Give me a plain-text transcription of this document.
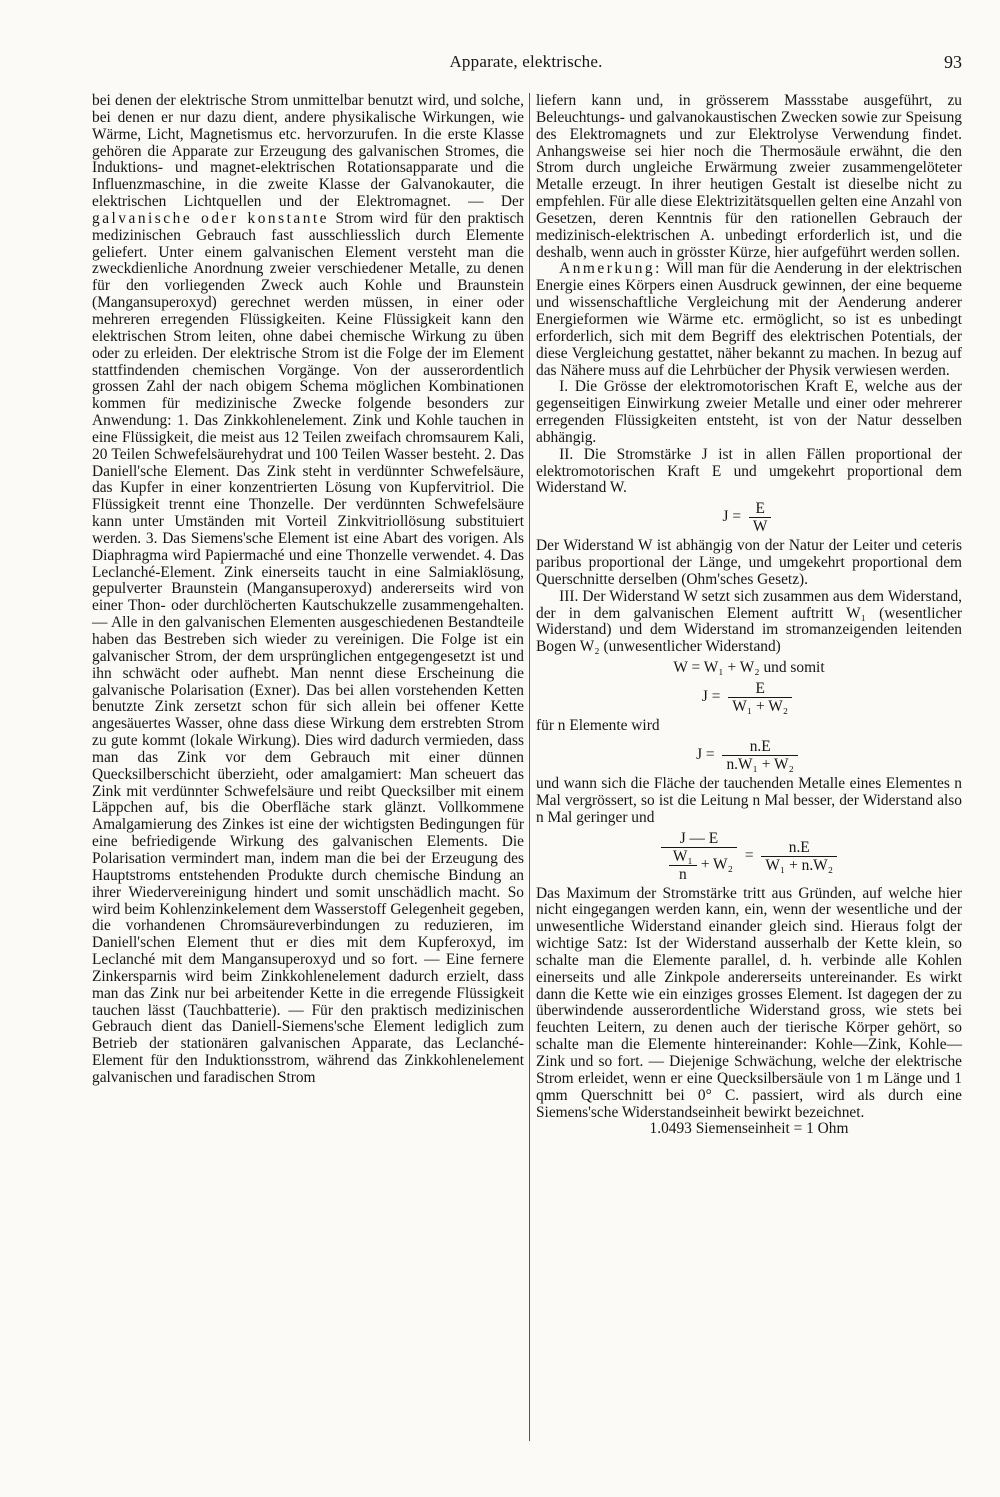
Apparate, elektrische.	93

bei denen der elektrische Strom unmittelbar benutzt wird, und solche, bei denen er nur dazu dient, andere physikalische Wirkungen, wie Wärme, Licht, Magnetismus etc. hervorzurufen. In die erste Klasse gehören die Apparate zur Erzeugung des galvanischen Stromes, die Induktions- und magnet-elektrischen Rotationsapparate und die Influenzmaschine, in die zweite Klasse der Galvanokauter, die elektrischen Lichtquellen und der Elektromagnet. — Der galvanische oder konstante Strom wird für den praktisch medizinischen Gebrauch fast ausschliesslich durch Elemente geliefert. Unter einem galvanischen Element versteht man die zweckdienliche Anordnung zweier verschiedener Metalle, zu denen für den vorliegenden Zweck auch Kohle und Braunstein (Mangansuperoxyd) gerechnet werden müssen, in einer oder mehreren erregenden Flüssigkeiten. Keine Flüssigkeit kann den elektrischen Strom leiten, ohne dabei chemische Wirkung zu üben oder zu erleiden. Der elektrische Strom ist die Folge der im Element stattfindenden chemischen Vorgänge. Von der ausserordentlich grossen Zahl der nach obigem Schema möglichen Kombinationen kommen für medizinische Zwecke folgende besonders zur Anwendung: 1. Das Zinkkohlenelement. Zink und Kohle tauchen in eine Flüssigkeit, die meist aus 12 Teilen zweifach chromsaurem Kali, 20 Teilen Schwefelsäurehydrat und 100 Teilen Wasser besteht. 2. Das Daniell'sche Element. Das Zink steht in verdünnter Schwefelsäure, das Kupfer in einer konzentrierten Lösung von Kupfervitriol. Die Flüssigkeit trennt eine Thonzelle. Der verdünnten Schwefelsäure kann unter Umständen mit Vorteil Zinkvitriollösung substituiert werden. 3. Das Siemens'sche Element ist eine Abart des vorigen. Als Diaphragma wird Papiermaché und eine Thonzelle verwendet. 4. Das Leclanché-Element. Zink einerseits taucht in eine Salmiaklösung, gepulverter Braunstein (Mangansuperoxyd) andererseits wird von einer Thon- oder durchlöcherten Kautschukzelle zusammengehalten. — Alle in den galvanischen Elementen ausgeschiedenen Bestandteile haben das Bestreben sich wieder zu vereinigen. Die Folge ist ein galvanischer Strom, der dem ursprünglichen entgegengesetzt ist und ihn schwächt oder aufhebt. Man nennt diese Erscheinung die galvanische Polarisation (Exner). Das bei allen vorstehenden Ketten benutzte Zink zersetzt schon für sich allein bei offener Kette angesäuertes Wasser, ohne dass diese Wirkung dem erstrebten Strom zu gute kommt (lokale Wirkung). Dies wird dadurch vermieden, dass man das Zink vor dem Gebrauch mit einer dünnen Quecksilberschicht überzieht, oder amalgamiert: Man scheuert das Zink mit verdünnter Schwefelsäure und reibt Quecksilber mit einem Läppchen auf, bis die Oberfläche stark glänzt. Vollkommene Amalgamierung des Zinkes ist eine der wichtigsten Bedingungen für eine befriedigende Wirkung des galvanischen Elements. Die Polarisation vermindert man, indem man die bei der Erzeugung des Hauptstroms entstehenden Produkte durch chemische Bindung an ihrer Wiedervereinigung hindert und somit unschädlich macht. So wird beim Kohlenzinkelement dem Wasserstoff Gelegenheit gegeben, die vorhandenen Chromsäureverbindungen zu reduzieren, im Daniell'schen Element thut er dies mit dem Kupferoxyd, im Leclanché mit dem Mangansuperoxyd und so fort. — Eine fernere Zinkersparnis wird beim Zinkkohlenelement dadurch erzielt, dass man das Zink nur bei arbeitender Kette in die erregende Flüssigkeit tauchen lässt (Tauchbatterie). — Für den praktisch medizinischen Gebrauch dient das Daniell-Siemens'sche Element lediglich zum Betrieb der stationären galvanischen Apparate, das Leclanché-Element für den Induktionsstrom, während das Zinkkohlenelement galvanischen und faradischen Strom

liefern kann und, in grösserem Massstabe ausgeführt, zu Beleuchtungs- und galvanokaustischen Zwecken sowie zur Speisung des Elektromagnets und zur Elektrolyse Verwendung findet. Anhangsweise sei hier noch die Thermosäule erwähnt, die den Strom durch ungleiche Erwärmung zweier zusammengelöteter Metalle erzeugt. In ihrer heutigen Gestalt ist dieselbe nicht zu empfehlen. Für alle diese Elektrizitätsquellen gelten eine Anzahl von Gesetzen, deren Kenntnis für den rationellen Gebrauch der medizinisch-elektrischen A. unbedingt erforderlich ist, und die deshalb, wenn auch in grösster Kürze, hier aufgeführt werden sollen.

Anmerkung: Will man für die Aenderung in der elektrischen Energie eines Körpers einen Ausdruck gewinnen, der eine bequeme und wissenschaftliche Vergleichung mit der Aenderung anderer Energieformen wie Wärme etc. ermöglicht, so ist es unbedingt erforderlich, sich mit dem Begriff des elektrischen Potentials, der diese Vergleichung gestattet, näher bekannt zu machen. In bezug auf das Nähere muss auf die Lehrbücher der Physik verwiesen werden.

I. Die Grösse der elektromotorischen Kraft E, welche aus der gegenseitigen Einwirkung zweier Metalle und einer oder mehrerer erregenden Flüssigkeiten entsteht, ist von der Natur desselben abhängig.

II. Die Stromstärke J ist in allen Fällen proportional der elektromotorischen Kraft E und umgekehrt proportional dem Widerstand W.

$J = \frac{E}{W}$

Der Widerstand W ist abhängig von der Natur der Leiter und ceteris paribus proportional der Länge, und umgekehrt proportional dem Querschnitte derselben (Ohm'sches Gesetz).

III. Der Widerstand W setzt sich zusammen aus dem Widerstand, der in dem galvanischen Element auftritt W₁ (wesentlicher Widerstand) und dem Widerstand im stromanzeigenden leitenden Bogen W₂ (unwesentlicher Widerstand)

W = W₁ + W₂ und somit
$J = \frac{E}{\text{W₁ + W₂}}$

für n Elemente wird

$J = \frac{n.E}{\text{n.W₁ + W₂}}$

und wann sich die Fläche der tauchenden Metalle eines Elementes n Mal vergrössert, so ist die Leitung n Mal besser, der Widerstand also n Mal geringer und

$\frac{J — E}{\frac{\text{W₁}}{n} + W_2} = \frac{n.E}{\text{W₁ + n.W₂}}$

Das Maximum der Stromstärke tritt aus Gründen, auf welche hier nicht eingegangen werden kann, ein, wenn der wesentliche und der unwesentliche Widerstand einander gleich sind. Hieraus folgt der wichtige Satz: Ist der Widerstand ausserhalb der Kette klein, so schalte man die Elemente parallel, d. h. verbinde alle Kohlen einerseits und alle Zinkpole andererseits untereinander. Es wirkt dann die Kette wie ein einziges grosses Element. Ist dagegen der zu überwindende ausserordentliche Widerstand gross, wie stets bei feuchten Leitern, zu denen auch der tierische Körper gehört, so schalte man die Elemente hintereinander: Kohle—Zink, Kohle—Zink und so fort. — Diejenige Schwächung, welche der elektrische Strom erleidet, wenn er eine Quecksilbersäule von 1 m Länge und 1 qmm Querschnitt bei 0° C. passiert, wird als durch eine Siemens'sche Widerstandseinheit bewirkt bezeichnet.

1.0493 Siemenseinheit = 1 Ohm
